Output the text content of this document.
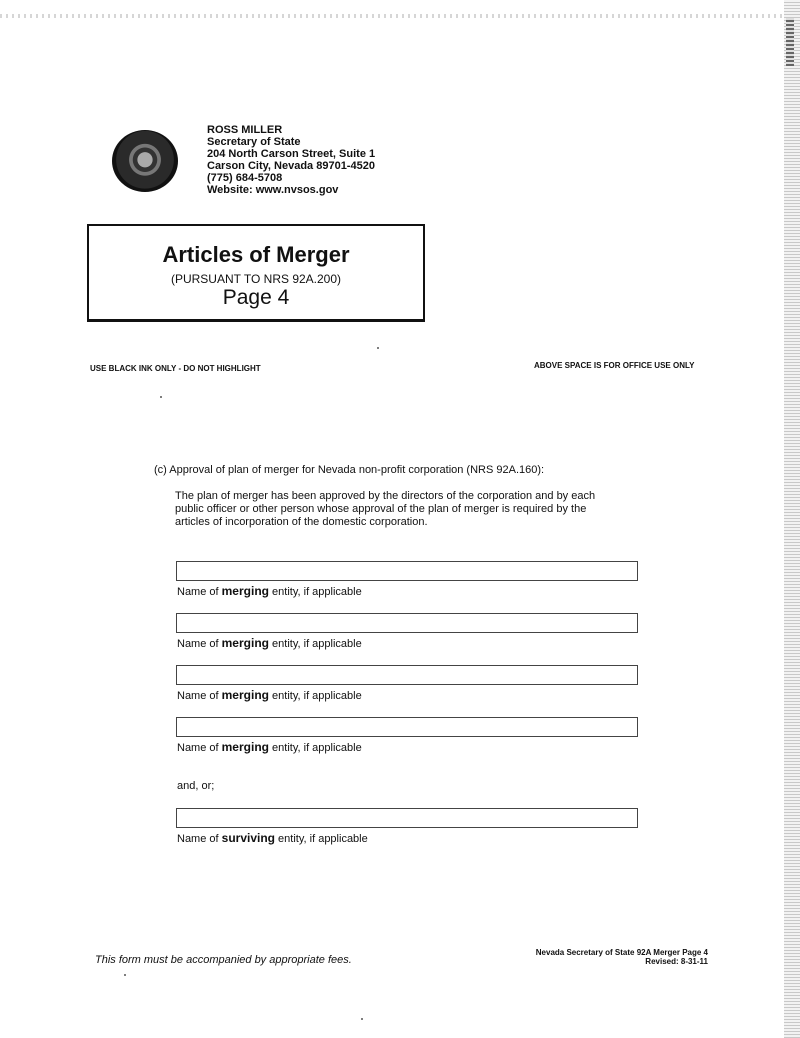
ROSS MILLER
Secretary of State
204 North Carson Street, Suite 1
Carson City, Nevada 89701-4520
(775) 684-5708
Website: www.nvsos.gov
Articles of Merger
(PURSUANT TO NRS 92A.200)
Page 4
USE BLACK INK ONLY - DO NOT HIGHLIGHT	ABOVE SPACE IS FOR OFFICE USE ONLY
(c) Approval of plan of merger for Nevada non-profit corporation (NRS 92A.160):
The plan of merger has been approved by the directors of the corporation and by each
public officer or other person whose approval of the plan of merger is required by the
articles of incorporation of the domestic corporation.
Name of merging entity, if applicable
Name of merging entity, if applicable
Name of merging entity, if applicable
Name of merging entity, if applicable
and, or;
Name of surviving entity, if applicable
This form must be accompanied by appropriate fees.
Nevada Secretary of State 92A Merger Page 4
Revised: 8-31-11
